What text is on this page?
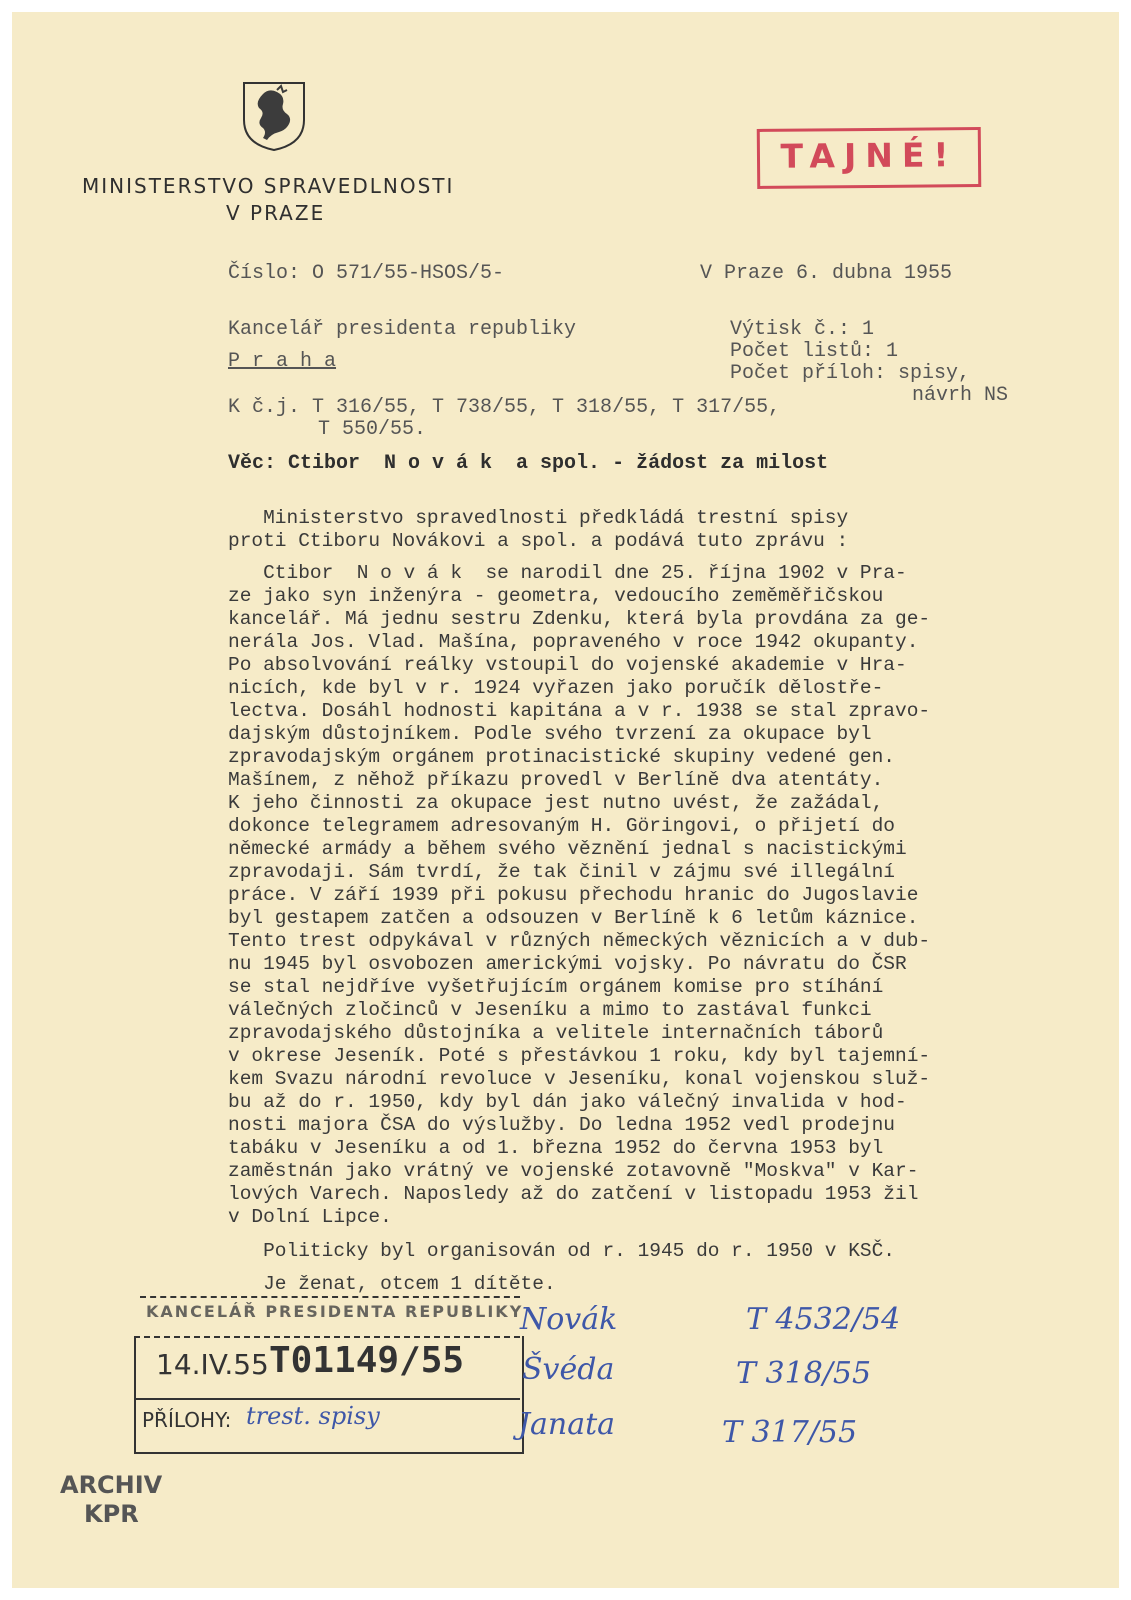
MINISTERSTVO SPRAVEDLNOSTI
V PRAZE
TAJNÉ!
Číslo: O 571/55-HSOS/5-	V Praze 6. dubna 1955
Kancelář presidenta republiky
P r a h a
Výtisk č.: 1
Počet listů: 1
Počet příloh: spisy,
návrh NS
K č.j. T 316/55, T 738/55, T 318/55, T 317/55,
T 550/55.
Věc: Ctibor  N o v á k  a spol. - žádost za milost
Ministerstvo spravedlnosti předkládá trestní spisy
proti Ctiboru Novákovi a spol. a podává tuto zprávu :
Ctibor  N o v á k  se narodil dne 25. října 1902 v Pra-
ze jako syn inženýra - geometra, vedoucího zeměměřičskou
kancelář. Má jednu sestru Zdenku, která byla provdána za ge-
nerála Jos. Vlad. Mašína, popraveného v roce 1942 okupanty.
Po absolvování reálky vstoupil do vojenské akademie v Hra-
nicích, kde byl v r. 1924 vyřazen jako poručík dělostře-
lectva. Dosáhl hodnosti kapitána a v r. 1938 se stal zpravo-
dajským důstojníkem. Podle svého tvrzení za okupace byl
zpravodajským orgánem protinacistické skupiny vedené gen.
Mašínem, z něhož příkazu provedl v Berlíně dva atentáty.
K jeho činnosti za okupace jest nutno uvést, že zažádal,
dokonce telegramem adresovaným H. Göringovi, o přijetí do
německé armády a během svého věznění jednal s nacistickými
zpravodaji. Sám tvrdí, že tak činil v zájmu své illegální
práce. V září 1939 při pokusu přechodu hranic do Jugoslavie
byl gestapem zatčen a odsouzen v Berlíně k 6 letům káznice.
Tento trest odpykával v různých německých věznicích a v dub-
nu 1945 byl osvobozen americkými vojsky. Po návratu do ČSR
se stal nejdříve vyšetřujícím orgánem komise pro stíhání
válečných zločinců v Jeseníku a mimo to zastával funkci
zpravodajského důstojníka a velitele internačních táborů
v okrese Jeseník. Poté s přestávkou 1 roku, kdy byl tajemní-
kem Svazu národní revoluce v Jeseníku, konal vojenskou služ-
bu až do r. 1950, kdy byl dán jako válečný invalida v hod-
nosti majora ČSA do výslužby. Do ledna 1952 vedl prodejnu
tabáku v Jeseníku a od 1. března 1952 do června 1953 byl
zaměstnán jako vrátný ve vojenské zotavovně "Moskva" v Kar-
lových Varech. Naposledy až do zatčení v listopadu 1953 žil
v Dolní Lipce.
Politicky byl organisován od r. 1945 do r. 1950 v KSČ.
Je ženat, otcem 1 dítěte.
KANCELÁŘ PRESIDENTA REPUBLIKY
14.IV.55 T01149/55
PŘÍLOHY: trest. spisy
Novák
Švéda
Janata
T 4532/54
T 318/55
T 317/55
ARCHIV
KPR
